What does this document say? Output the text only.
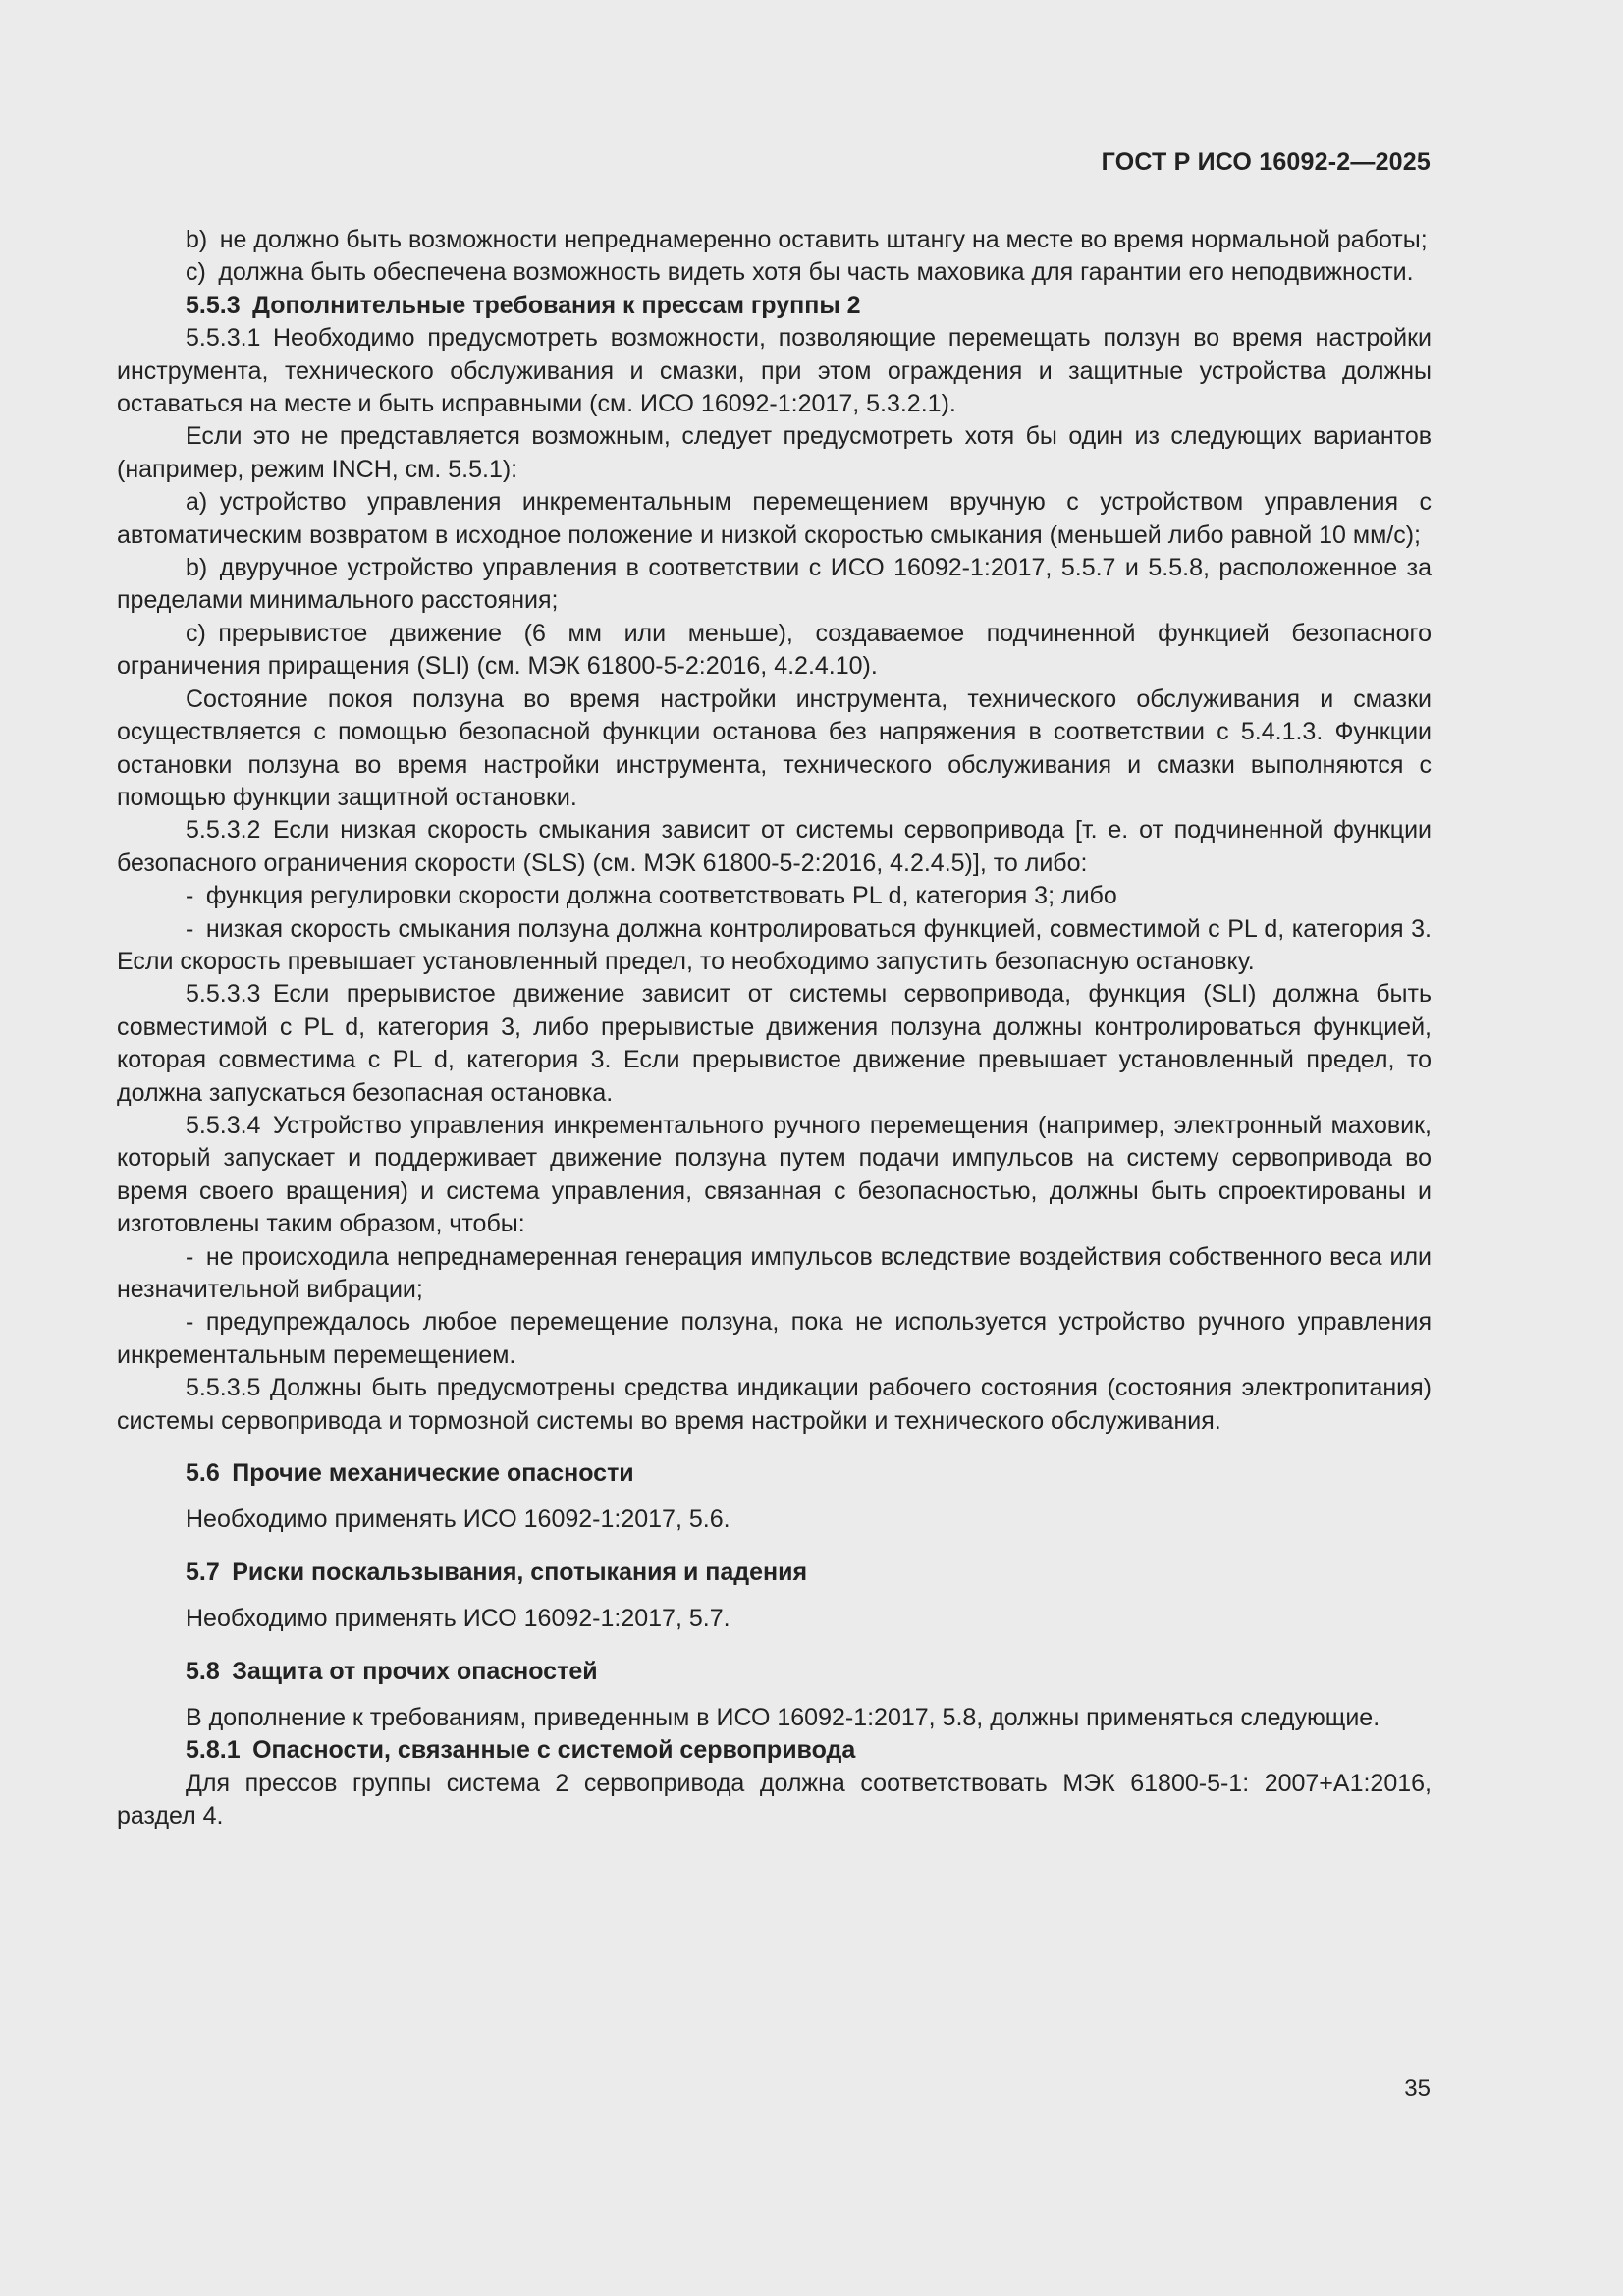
ГОСТ Р ИСО 16092-2—2025

b) не должно быть возможности непреднамеренно оставить штангу на месте во время нормальной работы;

c) должна быть обеспечена возможность видеть хотя бы часть маховика для гарантии его неподвижности.

5.5.3 Дополнительные требования к прессам группы 2

5.5.3.1 Необходимо предусмотреть возможности, позволяющие перемещать ползун во время настройки инструмента, технического обслуживания и смазки, при этом ограждения и защитные устройства должны оставаться на месте и быть исправными (см. ИСО 16092-1:2017, 5.3.2.1).

Если это не представляется возможным, следует предусмотреть хотя бы один из следующих вариантов (например, режим INCH, см. 5.5.1):

a) устройство управления инкрементальным перемещением вручную с устройством управления с автоматическим возвратом в исходное положение и низкой скоростью смыкания (меньшей либо равной 10 мм/с);

b) двуручное устройство управления в соответствии с ИСО 16092-1:2017, 5.5.7 и 5.5.8, расположенное за пределами минимального расстояния;

c) прерывистое движение (6 мм или меньше), создаваемое подчиненной функцией безопасного ограничения приращения (SLI) (см. МЭК 61800-5-2:2016, 4.2.4.10).

Состояние покоя ползуна во время настройки инструмента, технического обслуживания и смазки осуществляется с помощью безопасной функции останова без напряжения в соответствии с 5.4.1.3. Функции остановки ползуна во время настройки инструмента, технического обслуживания и смазки выполняются с помощью функции защитной остановки.

5.5.3.2 Если низкая скорость смыкания зависит от системы сервопривода [т. е. от подчиненной функции безопасного ограничения скорости (SLS) (см. МЭК 61800-5-2:2016, 4.2.4.5)], то либо:

- функция регулировки скорости должна соответствовать PL d, категория 3; либо

- низкая скорость смыкания ползуна должна контролироваться функцией, совместимой с PL d, категория 3. Если скорость превышает установленный предел, то необходимо запустить безопасную остановку.

5.5.3.3 Если прерывистое движение зависит от системы сервопривода, функция (SLI) должна быть совместимой с PL d, категория 3, либо прерывистые движения ползуна должны контролироваться функцией, которая совместима с PL d, категория 3. Если прерывистое движение превышает установленный предел, то должна запускаться безопасная остановка.

5.5.3.4 Устройство управления инкрементального ручного перемещения (например, электронный маховик, который запускает и поддерживает движение ползуна путем подачи импульсов на систему сервопривода во время своего вращения) и система управления, связанная с безопасностью, должны быть спроектированы и изготовлены таким образом, чтобы:

- не происходила непреднамеренная генерация импульсов вследствие воздействия собственного веса или незначительной вибрации;

- предупреждалось любое перемещение ползуна, пока не используется устройство ручного управления инкрементальным перемещением.

5.5.3.5 Должны быть предусмотрены средства индикации рабочего состояния (состояния электропитания) системы сервопривода и тормозной системы во время настройки и технического обслуживания.

5.6 Прочие механические опасности

Необходимо применять ИСО 16092-1:2017, 5.6.

5.7 Риски поскальзывания, спотыкания и падения

Необходимо применять ИСО 16092-1:2017, 5.7.

5.8 Защита от прочих опасностей

В дополнение к требованиям, приведенным в ИСО 16092-1:2017, 5.8, должны применяться следующие.

5.8.1 Опасности, связанные с системой сервопривода

Для прессов группы система 2 сервопривода должна соответствовать МЭК 61800-5-1: 2007+А1:2016, раздел 4.

35
